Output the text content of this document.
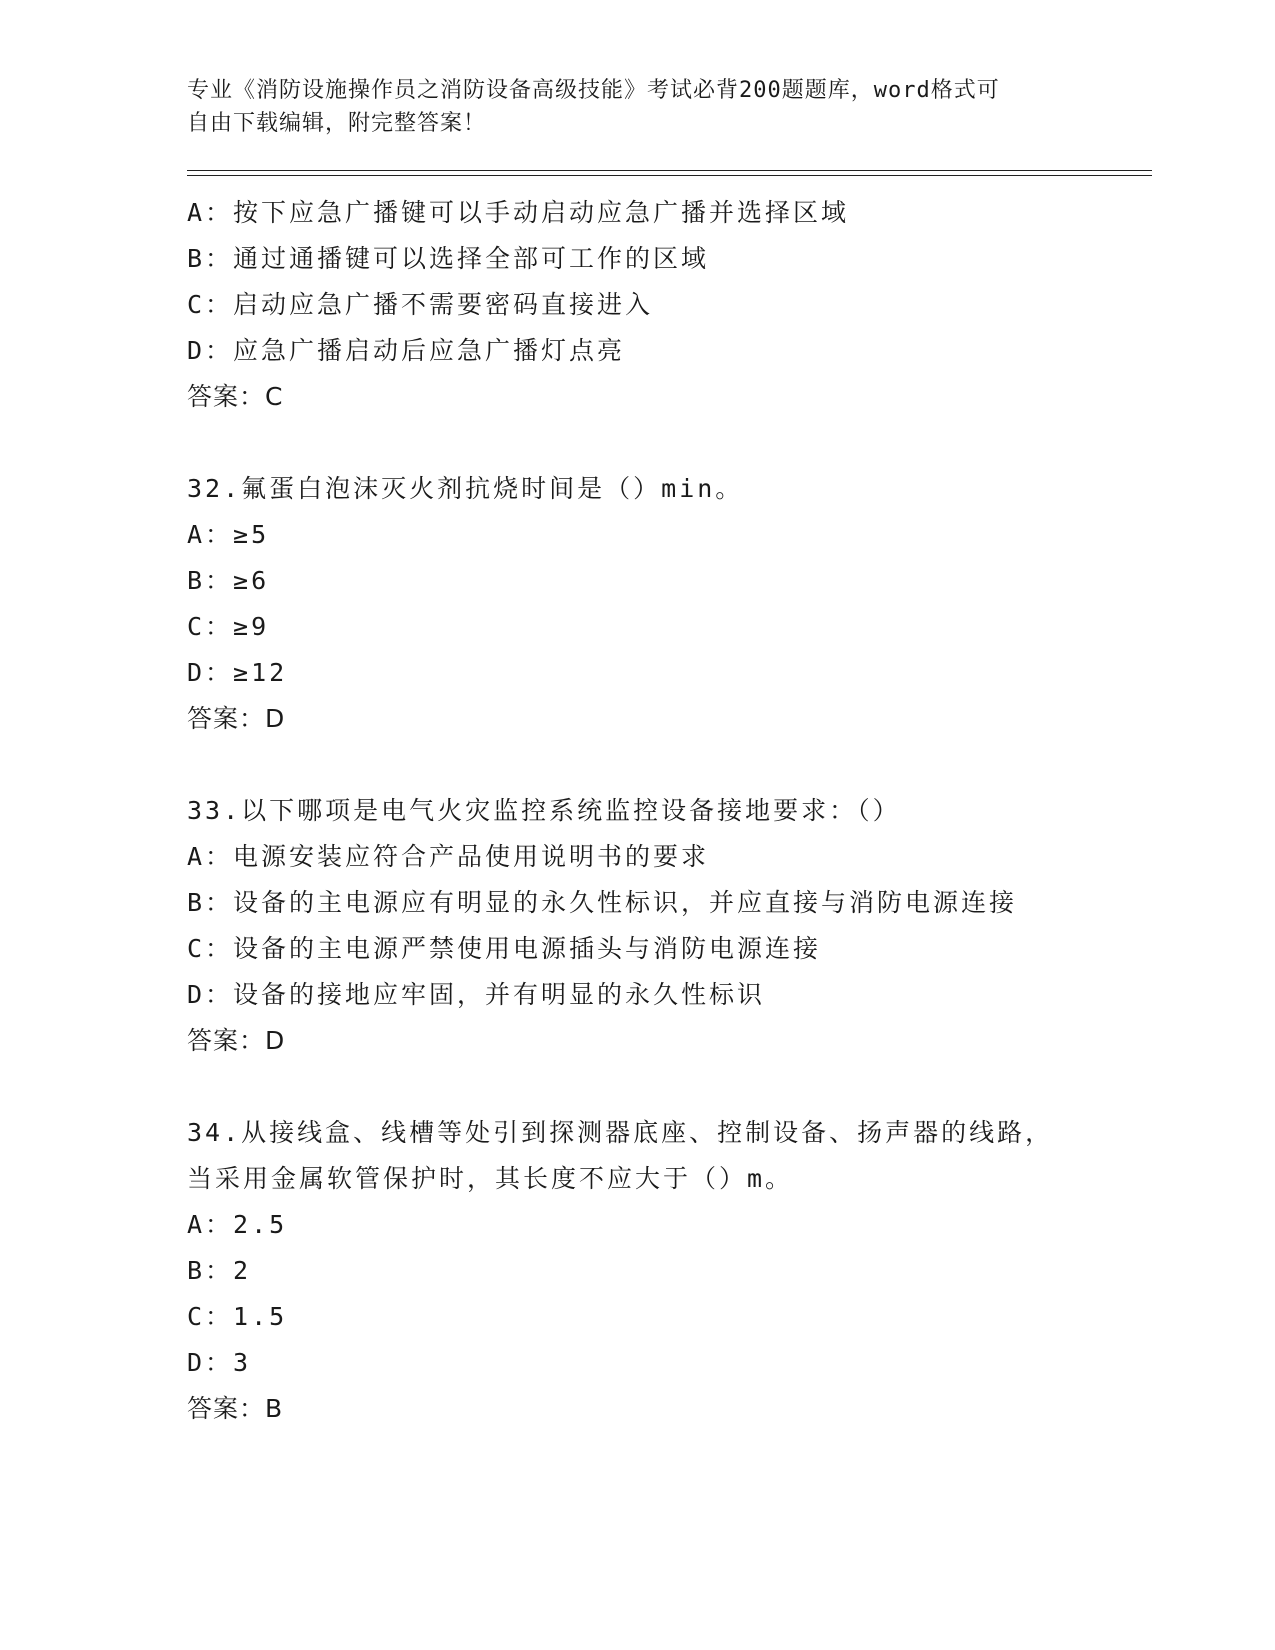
专业《消防设施操作员之消防设备高级技能》考试必背200题题库，word格式可
自由下载编辑，附完整答案！
A：按下应急广播键可以手动启动应急广播并选择区域
B：通过通播键可以选择全部可工作的区域
C：启动应急广播不需要密码直接进入
D：应急广播启动后应急广播灯点亮
答案：C
32.氟蛋白泡沫灭火剂抗烧时间是（）min。
A：≥5
B：≥6
C：≥9
D：≥12
答案：D
33.以下哪项是电气火灾监控系统监控设备接地要求：（）
A：电源安装应符合产品使用说明书的要求
B：设备的主电源应有明显的永久性标识，并应直接与消防电源连接
C：设备的主电源严禁使用电源插头与消防电源连接
D：设备的接地应牢固，并有明显的永久性标识
答案：D
34.从接线盒、线槽等处引到探测器底座、控制设备、扬声器的线路，
当采用金属软管保护时，其长度不应大于（）m。
A：2.5
B：2
C：1.5
D：3
答案：B
